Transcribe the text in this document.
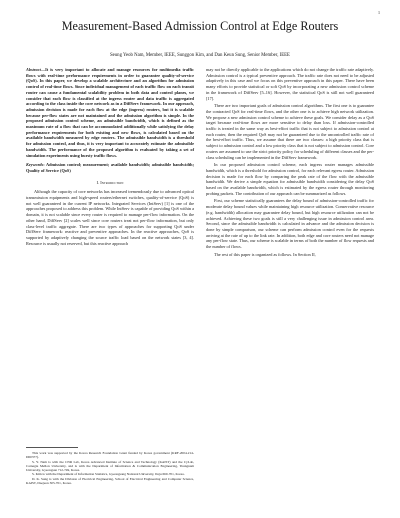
1
Measurement-Based Admission Control at Edge Routers
Seung Yeob Nam, Member, IEEE, Sunggon Kim, and Dan Keun Sung, Senior Member, IEEE
Abstract—It is very important to allocate and manage resources for multimedia traffic flows with real-time performance requirements in order to guarantee quality-of-service (QoS). In this paper, we develop a scalable architecture and an algorithm for admission control of real-time flows. Since individual management of each traffic flow on each transit router can cause a fundamental scalability problem in both data and control planes, we consider that each flow is classified at the ingress router and data traffic is aggregated according to the class inside the core network as in a DiffServ framework. In our approach, admission decision is made for each flow at the edge (ingress) routers, but it is scalable because per-flow states are not maintained and the admission algorithm is simple. In the proposed admission control scheme, an admissible bandwidth, which is defined as the maximum rate of a flow that can be accommodated additionally while satisfying the delay performance requirements for both existing and new flows, is calculated based on the available bandwidth measured by edge routers. The admissible bandwidth is a threshold for admission control, and thus, it is very important to accurately estimate the admissible bandwidth. The performance of the proposed algorithm is evaluated by taking a set of simulation experiments using bursty traffic flows.
Keywords: Admission control; measurement; available bandwidth; admissible bandwidth; Quality of Service (QoS)
I. Introduction

Although the capacity of core networks has increased tremendously due to advanced optical transmission equipments and high-speed routers/ethernet switches, quality-of-service (QoS) is not well guaranteed in the current IP networks. Integrated Services (IntServ) [1] is one of the approaches proposed to address this problem. While IntServ is capable of providing QoS within a domain, it is not scalable since every router is required to manage per-flow information. On the other hand, DiffServ [2] scales well since core routers treat not per-flow information, but only class-level traffic aggregate. There are two types of approaches for supporting QoS under DiffServ framework: reactive and preventive approaches. In the reactive approaches, QoS is supported by adaptively changing the source traffic load based on the network states [3, 4]. Resource is usually not reserved, but this reactive approach

This work was supported by the Korea Research Foundation Grant funded by Korea government (KRF-2004-214-D00377).

S. Y. Nam is with the CNR Lab, Korea Advanced Institute of Science and Technology (KAIST) and the CyLab, Carnegie Mellon University, and is with the Department of Information & Communication Engineering, Yeungnam University, Gyeongsan 712-749, Korea.

S. Kim is with the Department of Information Statistics, Gyeongsang National University, Jinju 660-701, Korea.

D. K. Sung is with the Division of Electrical Engineering, School of Electrical Engineering and Computer Science, KAIST, Daejeon 305-701, Korea.

may not be directly applicable to the applications which do not change the traffic rate adaptively. Admission control is a typical preventive approach. The traffic rate does not need to be adjusted adaptively in this case and we focus on this preventive approach in this paper. There have been many efforts to provide statistical or soft QoS by incorporating a new admission control scheme in the framework of DiffServ [5–16]. However, the statistical QoS is still not well guaranteed [17].

There are two important goals of admission control algorithms. The first one is to guarantee the contracted QoS for real-time flows, and the other one is to achieve high network utilization. We propose a new admission control scheme to achieve these goals. We consider delay as a QoS target because real-time flows are more sensitive to delay than loss. If admission-controlled traffic is treated in the same way as best-effort traffic that is not subject to admission control at each router, then the required QoS may not be guaranteed due to the uncontrolled traffic rate of the best-effort traffic. Thus, we assume that there are two classes: a high priority class that is subject to admission control and a low priority class that is not subject to admission control. Core routers are assumed to use the strict priority policy for scheduling of different classes and the per-class scheduling can be implemented in the DiffServ framework.

In our proposed admission control scheme, each ingress router manages admissible bandwidth, which is a threshold for admission control, for each relevant egress router. Admission decision is made for each flow by comparing the peak rate of the flow with the admissible bandwidth. We derive a simple equation for admissible bandwidth considering the delay QoS based on the available bandwidth, which is estimated by the egress router through monitoring probing packets. The contribution of our approach can be summarized as follows.

First, our scheme statistically guarantees the delay bound of admission-controlled traffic for moderate delay bound values while maintaining high resource utilization. Conservative resource (e.g. bandwidth) allocation may guarantee delay bound, but high resource utilization can not be achieved. Achieving these two goals is still a very challenging issue in admission control area. Second, since the admissible bandwidth is calculated in advance and the admission decision is done by simple comparison, our scheme can perform admission control even for the requests arriving at the rate of up to the link rate. In addition, both edge and core routers need not manage any per-flow state. Thus, our scheme is scalable in terms of both the number of flow requests and the number of flows.

The rest of this paper is organized as follows. In Section II,
